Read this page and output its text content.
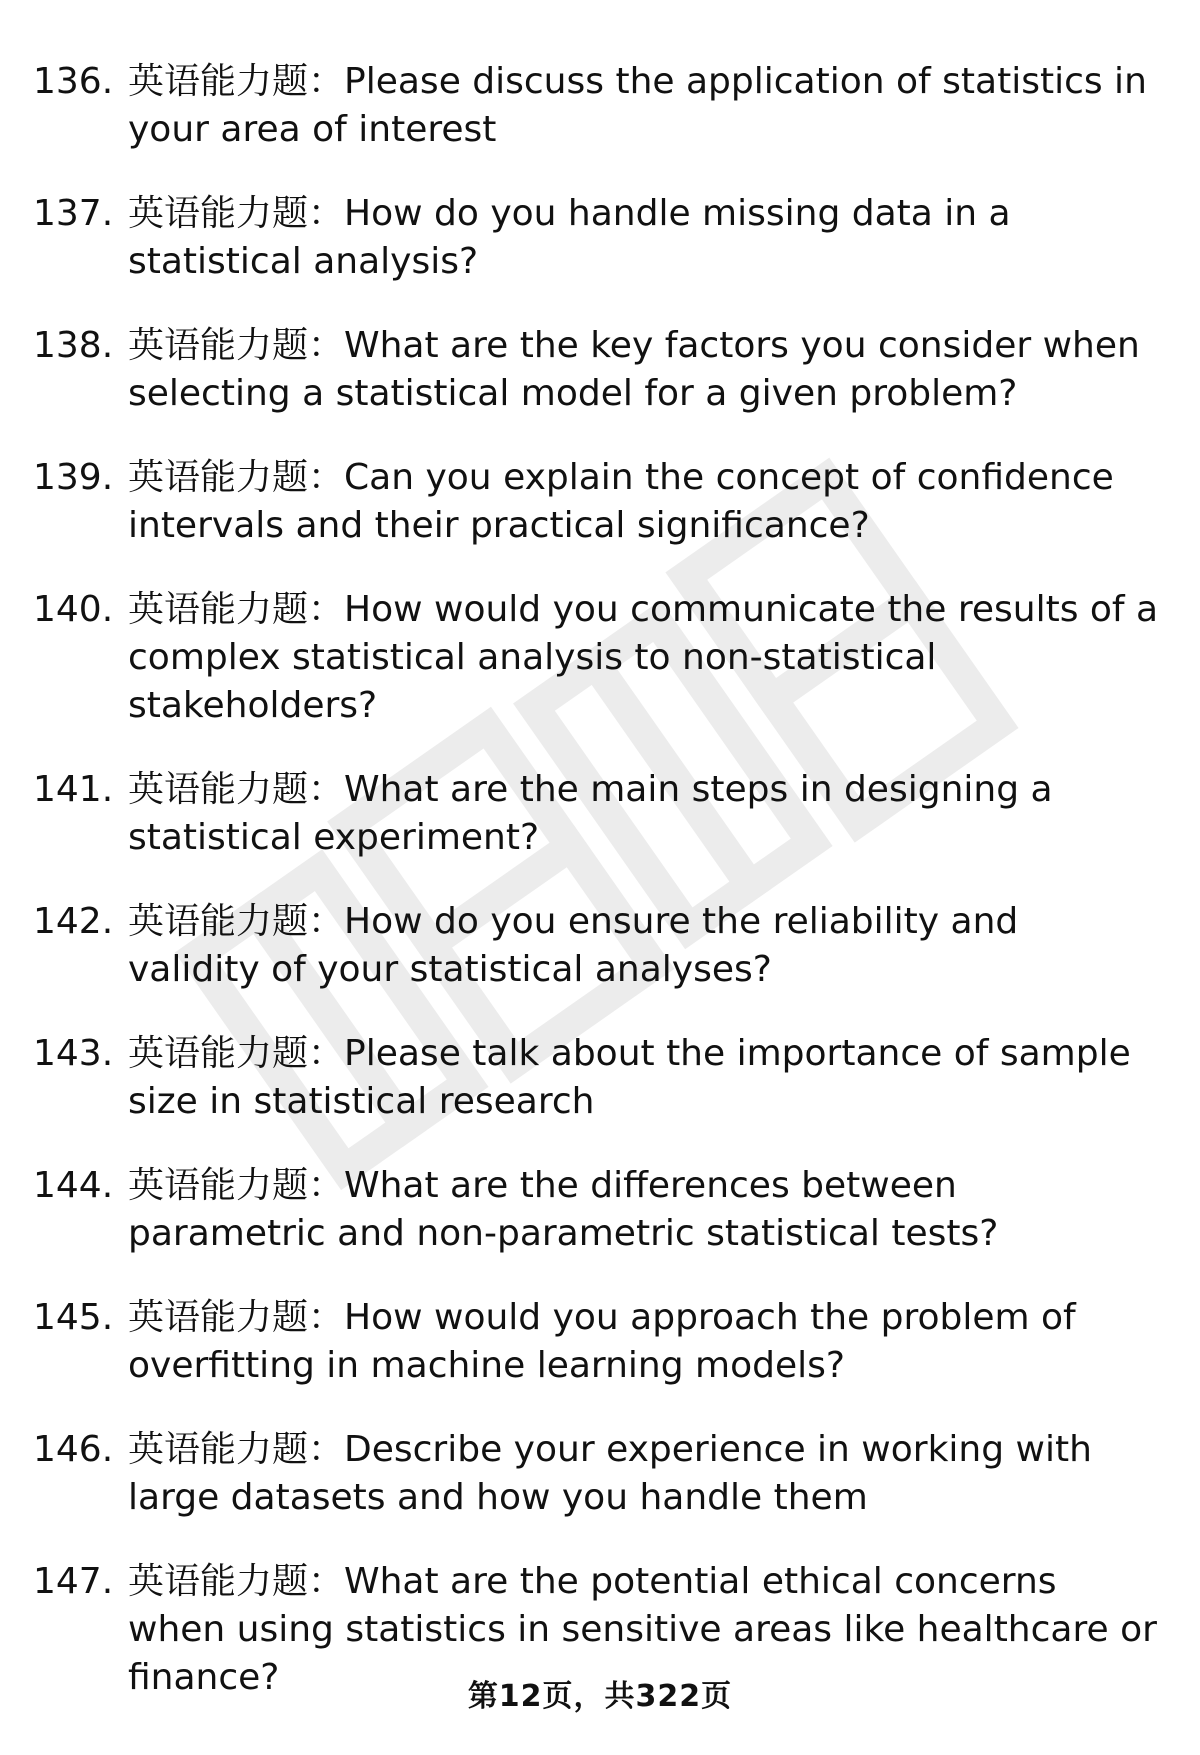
136. 英语能力题：Please discuss the application of statistics in your area of interest
137. 英语能力题：How do you handle missing data in a statistical analysis?
138. 英语能力题：What are the key factors you consider when selecting a statistical model for a given problem?
139. 英语能力题：Can you explain the concept of confidence intervals and their practical significance?
140. 英语能力题：How would you communicate the results of a complex statistical analysis to non-statistical stakeholders?
141. 英语能力题：What are the main steps in designing a statistical experiment?
142. 英语能力题：How do you ensure the reliability and validity of your statistical analyses?
143. 英语能力题：Please talk about the importance of sample size in statistical research
144. 英语能力题：What are the differences between parametric and non-parametric statistical tests?
145. 英语能力题：How would you approach the problem of overfitting in machine learning models?
146. 英语能力题：Describe your experience in working with large datasets and how you handle them
147. 英语能力题：What are the potential ethical concerns when using statistics in sensitive areas like healthcare or finance?	第12页，共322页
